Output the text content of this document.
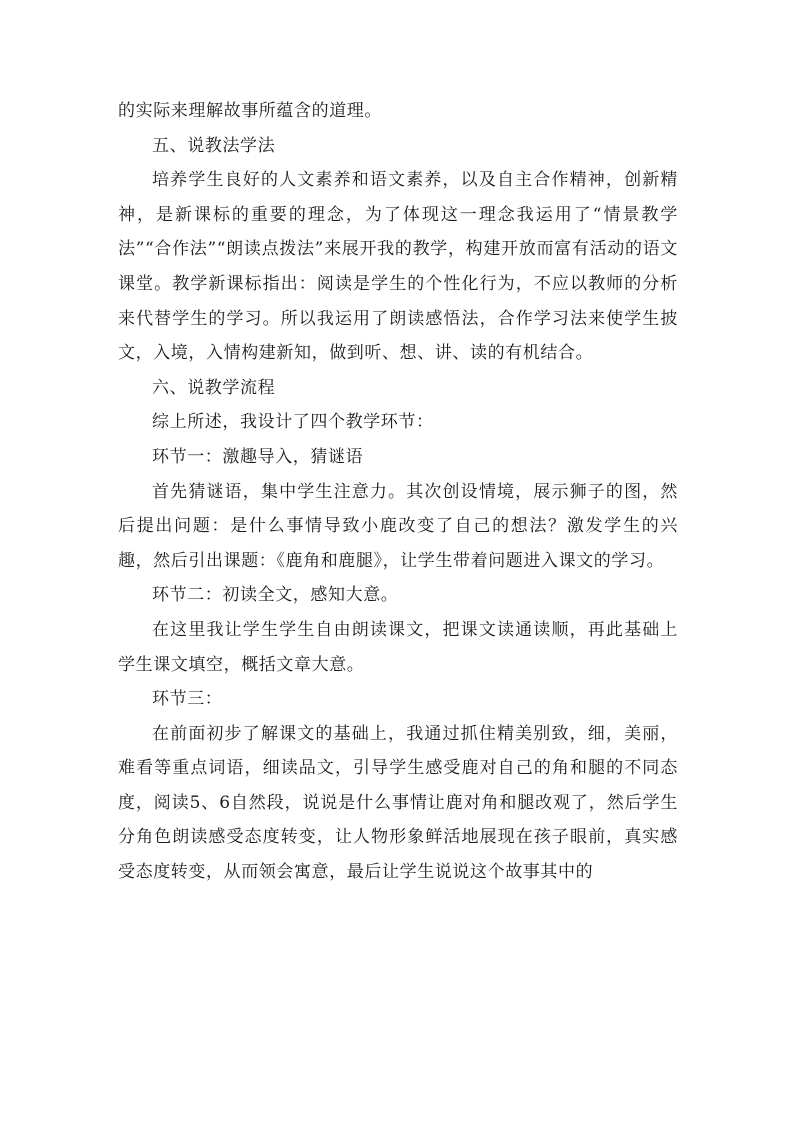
的实际来理解故事所蕴含的道理。

五、说教法学法

培养学生良好的人文素养和语文素养，以及自主合作精神，创新精神，是新课标的重要的理念，为了体现这一理念我运用了“情景教学法”“合作法”“朗读点拨法”来展开我的教学，构建开放而富有活动的语文课堂。教学新课标指出：阅读是学生的个性化行为，不应以教师的分析来代替学生的学习。所以我运用了朗读感悟法，合作学习法来使学生披文，入境，入情构建新知，做到听、想、讲、读的有机结合。

六、说教学流程

综上所述，我设计了四个教学环节：

环节一：激趣导入，猜谜语

首先猜谜语，集中学生注意力。其次创设情境，展示狮子的图，然后提出问题：是什么事情导致小鹿改变了自己的想法？激发学生的兴趣，然后引出课题：《鹿角和鹿腿》，让学生带着问题进入课文的学习。

环节二：初读全文，感知大意。

在这里我让学生学生自由朗读课文，把课文读通读顺，再此基础上学生课文填空，概括文章大意。

环节三：

在前面初步了解课文的基础上，我通过抓住精美别致，细，美丽，难看等重点词语，细读品文，引导学生感受鹿对自己的角和腿的不同态度，阅读5、6自然段，说说是什么事情让鹿对角和腿改观了，然后学生分角色朗读感受态度转变，让人物形象鲜活地展现在孩子眼前，真实感受态度转变，从而领会寓意，最后让学生说说这个故事其中的
